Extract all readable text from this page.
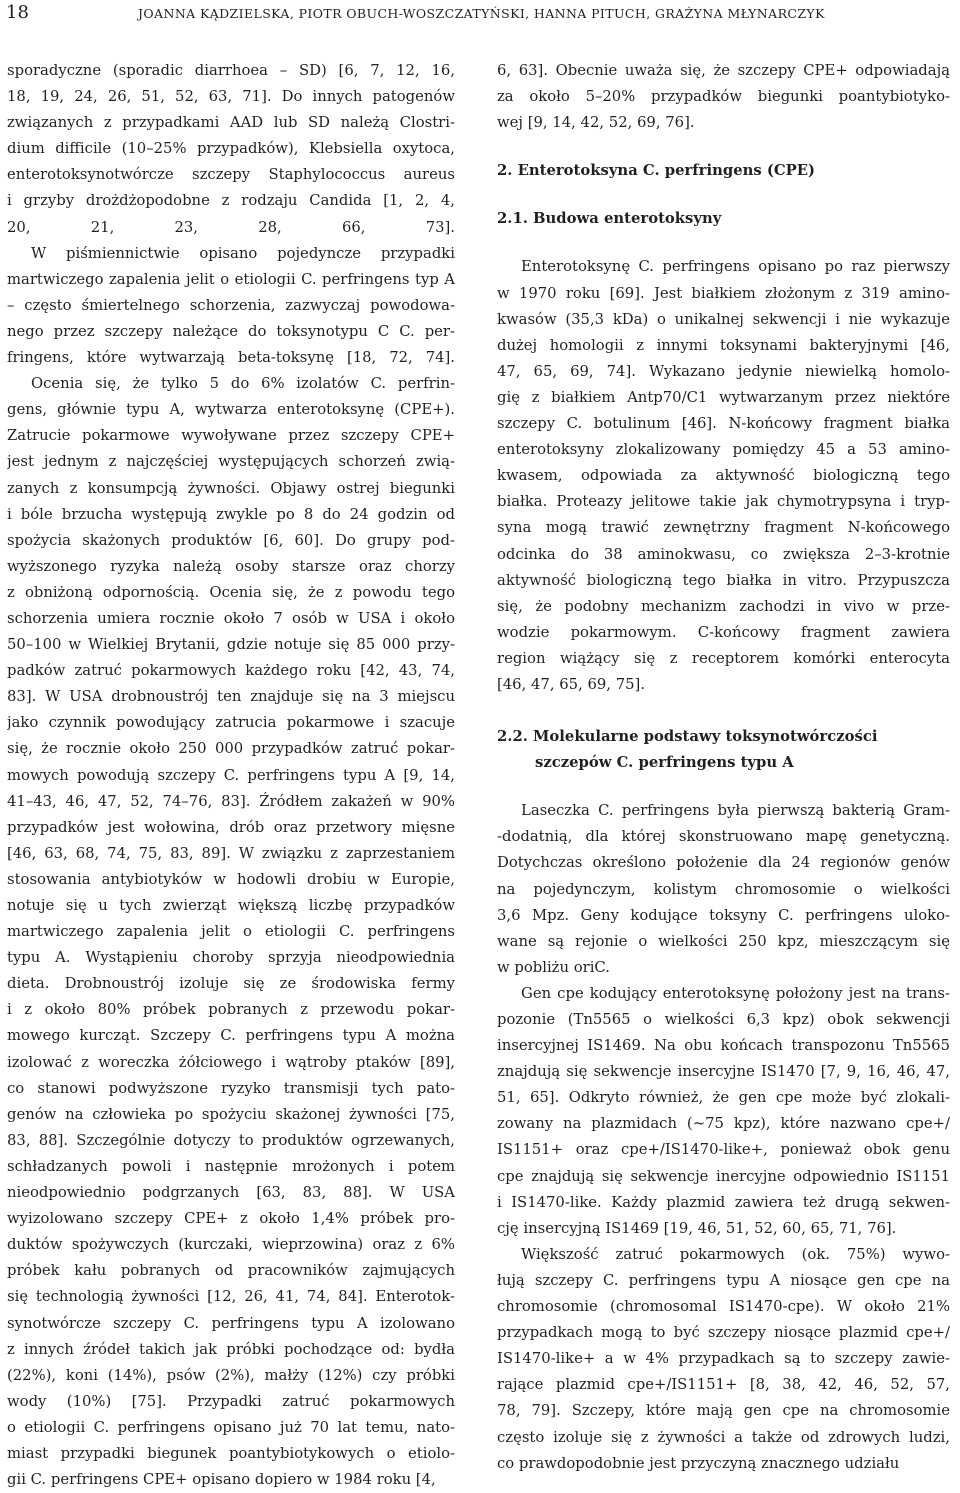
18	JOANNA KĄDZIELSKA, PIOTR OBUCH-WOSZCZATYŃSKI, HANNA PITUCH, GRAŻYNA MŁYNARCZYK
sporadyczne (sporadic diarrhoea – SD) [6, 7, 12, 16,
18, 19, 24, 26, 51, 52, 63, 71]. Do innych patogenów
związanych z przypadkami AAD lub SD należą Clostri-
dium difficile (10–25% przypadków), Klebsiella oxytoca,
enterotoksynotwórcze szczepy Staphylococcus aureus
i grzyby drożdżopodobne z rodzaju Candida [1, 2, 4,
20, 21, 23, 28, 66, 73].
W piśmiennictwie opisano pojedyncze przypadki
martwiczego zapalenia jelit o etiologii C. perfringens typ A
– często śmiertelnego schorzenia, zazwyczaj powodowa-
nego przez szczepy należące do toksynotypu C C. per-
fringens, które wytwarzają beta-toksynę [18, 72, 74].
Ocenia się, że tylko 5 do 6% izolatów C. perfrin-
gens, głównie typu A, wytwarza enterotoksynę (CPE+).
Zatrucie pokarmowe wywoływane przez szczepy CPE+
jest jednym z najczęściej występujących schorzeń zwią-
zanych z konsumpcją żywności. Objawy ostrej biegunki
i bóle brzucha występują zwykle po 8 do 24 godzin od
spożycia skażonych produktów [6, 60]. Do grupy pod-
wyższonego ryzyka należą osoby starsze oraz chorzy
z obniżoną odpornością. Ocenia się, że z powodu tego
schorzenia umiera rocznie około 7 osób w USA i około
50–100 w Wielkiej Brytanii, gdzie notuje się 85 000 przy-
padków zatruć pokarmowych każdego roku [42, 43, 74,
83]. W USA drobnoustrój ten znajduje się na 3 miejscu
jako czynnik powodujący zatrucia pokarmowe i szacuje
się, że rocznie około 250 000 przypadków zatruć pokar-
mowych powodują szczepy C. perfringens typu A [9, 14,
41–43, 46, 47, 52, 74–76, 83]. Źródłem zakażeń w 90%
przypadków jest wołowina, drób oraz przetwory mięsne
[46, 63, 68, 74, 75, 83, 89]. W związku z zaprzestaniem
stosowania antybiotyków w hodowli drobiu w Europie,
notuje się u tych zwierząt większą liczbę przypadków
martwiczego zapalenia jelit o etiologii C. perfringens
typu A. Wystąpieniu choroby sprzyja nieodpowiednia
dieta. Drobnoustrój izoluje się ze środowiska fermy
i z około 80% próbek pobranych z przewodu pokar-
mowego kurcząt. Szczepy C. perfringens typu A można
izolować z woreczka żółciowego i wątroby ptaków [89],
co stanowi podwyższone ryzyko transmisji tych pato-
genów na człowieka po spożyciu skażonej żywności [75,
83, 88]. Szczególnie dotyczy to produktów ogrzewanych,
schładzanych powoli i następnie mrożonych i potem
nieodpowiednio podgrzanych [63, 83, 88]. W USA
wyizolowano szczepy CPE+ z około 1,4% próbek pro-
duktów spożywczych (kurczaki, wieprzowina) oraz z 6%
próbek kału pobranych od pracowników zajmujących
się technologią żywności [12, 26, 41, 74, 84]. Enterotok-
synotwórcze szczepy C. perfringens typu A izolowano
z innych źródeł takich jak próbki pochodzące od: bydła
(22%), koni (14%), psów (2%), małży (12%) czy próbki
wody (10%) [75]. Przypadki zatruć pokarmowych
o etiologii C. perfringens opisano już 70 lat temu, nato-
miast przypadki biegunek poantybiotykowych o etiolo-
gii C. perfringens CPE+ opisano dopiero w 1984 roku [4,
6, 63]. Obecnie uważa się, że szczepy CPE+ odpowiadają
za około 5–20% przypadków biegunki poantybiotyko-
wej [9, 14, 42, 52, 69, 76].
2. Enterotoksyna C. perfringens (CPE)
2.1. Budowa enterotoksyny
Enterotoksynę C. perfringens opisano po raz pierwszy
w 1970 roku [69]. Jest białkiem złożonym z 319 amino-
kwasów (35,3 kDa) o unikalnej sekwencji i nie wykazuje
dużej homologii z innymi toksynami bakteryjnymi [46,
47, 65, 69, 74]. Wykazano jedynie niewielką homolo-
gię z białkiem Antp70/C1 wytwarzanym przez niektóre
szczepy C. botulinum [46]. N-końcowy fragment białka
enterotoksyny zlokalizowany pomiędzy 45 a 53 amino-
kwasem, odpowiada za aktywność biologiczną tego
białka. Proteazy jelitowe takie jak chymotrypsyna i tryp-
syna mogą trawić zewnętrzny fragment N-końcowego
odcinka do 38 aminokwasu, co zwiększa 2–3-krotnie
aktywność biologiczną tego białka in vitro. Przypuszcza
się, że podobny mechanizm zachodzi in vivo w prze-
wodzie pokarmowym. C-końcowy fragment zawiera
region wiążący się z receptorem komórki enterocyta
[46, 47, 65, 69, 75].
2.2. Molekularne podstawy toksynotwórczości
szczepów C. perfringens typu A
Laseczka C. perfringens była pierwszą bakterią Gram-
-dodatnią, dla której skonstruowano mapę genetyczną.
Dotychczas określono położenie dla 24 regionów genów
na pojedynczym, kolistym chromosomie o wielkości
3,6 Mpz. Geny kodujące toksyny C. perfringens uloko-
wane są rejonie o wielkości 250 kpz, mieszczącym się
w pobliżu oriC.
Gen cpe kodujący enterotoksynę położony jest na trans-
pozonie (Tn5565 o wielkości 6,3 kpz) obok sekwencji
insercyjnej IS1469. Na obu końcach transpozonu Tn5565
znajdują się sekwencje insercyjne IS1470 [7, 9, 16, 46, 47,
51, 65]. Odkryto również, że gen cpe może być zlokali-
zowany na plazmidach (~75 kpz), które nazwano cpe+/
IS1151+ oraz cpe+/IS1470-like+, ponieważ obok genu
cpe znajdują się sekwencje inercyjne odpowiednio IS1151
i IS1470-like. Każdy plazmid zawiera też drugą sekwen-
cję insercyjną IS1469 [19, 46, 51, 52, 60, 65, 71, 76].
Większość zatruć pokarmowych (ok. 75%) wywo-
łują szczepy C. perfringens typu A niosące gen cpe na
chromosomie (chromosomal IS1470-cpe). W około 21%
przypadkach mogą to być szczepy niosące plazmid cpe+/
IS1470-like+ a w 4% przypadkach są to szczepy zawie-
rające plazmid cpe+/IS1151+ [8, 38, 42, 46, 52, 57,
78, 79]. Szczepy, które mają gen cpe na chromosomie
często izoluje się z żywności a także od zdrowych ludzi,
co prawdopodobnie jest przyczyną znacznego udziału
